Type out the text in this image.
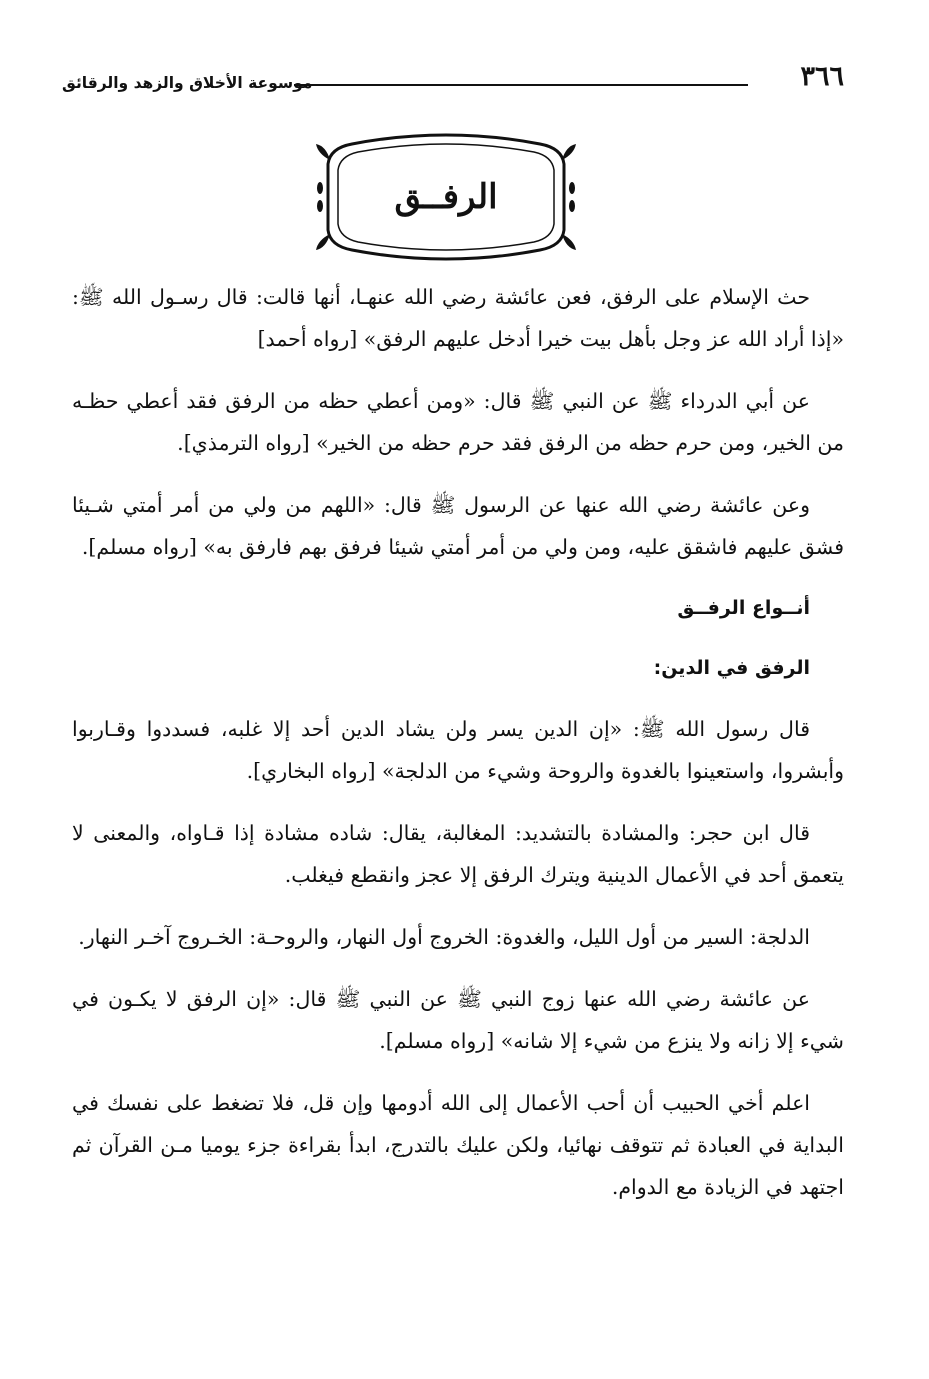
٣٦٦
موسوعة الأخلاق والزهد والرقائق
الرفــق

حث الإسلام على الرفق، فعن عائشة رضي الله عنهـا، أنها قالت: قال رسـول الله ﷺ: «إذا أراد الله عز وجل بأهل بيت خيرا أدخل عليهم الرفق» [رواه أحمد]

عن أبي الدرداء ﷺ عن النبي ﷺ قال: «ومن أعطي حظه من الرفق فقد أعطي حظـه من الخير، ومن حرم حظه من الرفق فقد حرم حظه من الخير» [رواه الترمذي].

وعن عائشة رضي الله عنها عن الرسول ﷺ قال: «اللهم من ولي من أمر أمتي شـيئا فشق عليهم فاشقق عليه، ومن ولي من أمر أمتي شيئا فرفق بهم فارفق به» [رواه مسلم].

أنــواع الرفــق
الرفق في الدين:

قال رسول الله ﷺ: «إن الدين يسر ولن يشاد الدين أحد إلا غلبه، فسددوا وقـاربوا وأبشروا، واستعينوا بالغدوة والروحة وشيء من الدلجة» [رواه البخاري].

قال ابن حجر: والمشادة بالتشديد: المغالبة، يقال: شاده مشادة إذا قـاواه، والمعنى لا يتعمق أحد في الأعمال الدينية ويترك الرفق إلا عجز وانقطع فيغلب.

الدلجة: السير من أول الليل، والغدوة: الخروج أول النهار، والروحـة: الخـروج آخـر النهار.

عن عائشة رضي الله عنها زوج النبي ﷺ عن النبي ﷺ قال: «إن الرفق لا يكـون في شيء إلا زانه ولا ينزع من شيء إلا شانه» [رواه مسلم].

اعلم أخي الحبيب أن أحب الأعمال إلى الله أدومها وإن قل، فلا تضغط على نفسك في البداية في العبادة ثم تتوقف نهائيا، ولكن عليك بالتدرج، ابدأ بقراءة جزء يوميا مـن القرآن ثم اجتهد في الزيادة مع الدوام.
